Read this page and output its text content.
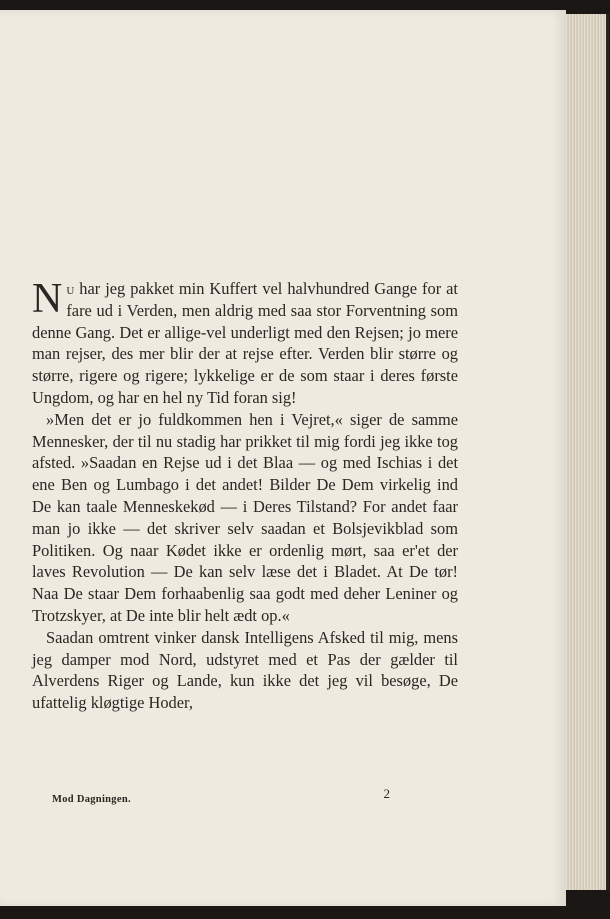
Nu har jeg pakket min Kuffert vel halvhundred Gange for at fare ud i Verden, men aldrig med saa stor Forventning som denne Gang. Det er allige-vel underligt med den Rejsen; jo mere man rejser, des mer blir der at rejse efter. Verden blir større og større, rigere og rigere; lykkelige er de som staar i deres første Ungdom, og har en hel ny Tid foran sig!

»Men det er jo fuldkommen hen i Vejret,« siger de samme Mennesker, der til nu stadig har prikket til mig fordi jeg ikke tog afsted. »Saadan en Rejse ud i det Blaa — og med Ischias i det ene Ben og Lumbago i det andet! Bilder De Dem virkelig ind De kan taale Menneskekød — i Deres Tilstand? For andet faar man jo ikke — det skriver selv saadan et Bolsjevikblad som Politiken. Og naar Kødet ikke er ordenlig mørt, saa er'et der laves Revolution — De kan selv læse det i Bladet. At De tør! Naa De staar Dem forhaabenlig saa godt med deher Leniner og Trotzskyer, at De inte blir helt ædt op.«

Saadan omtrent vinker dansk Intelligens Afsked til mig, mens jeg damper mod Nord, udstyret med et Pas der gælder til Alverdens Riger og Lande, kun ikke det jeg vil besøge, De ufattelig kløgtige Hoder,

Mod Dagningen.	2
